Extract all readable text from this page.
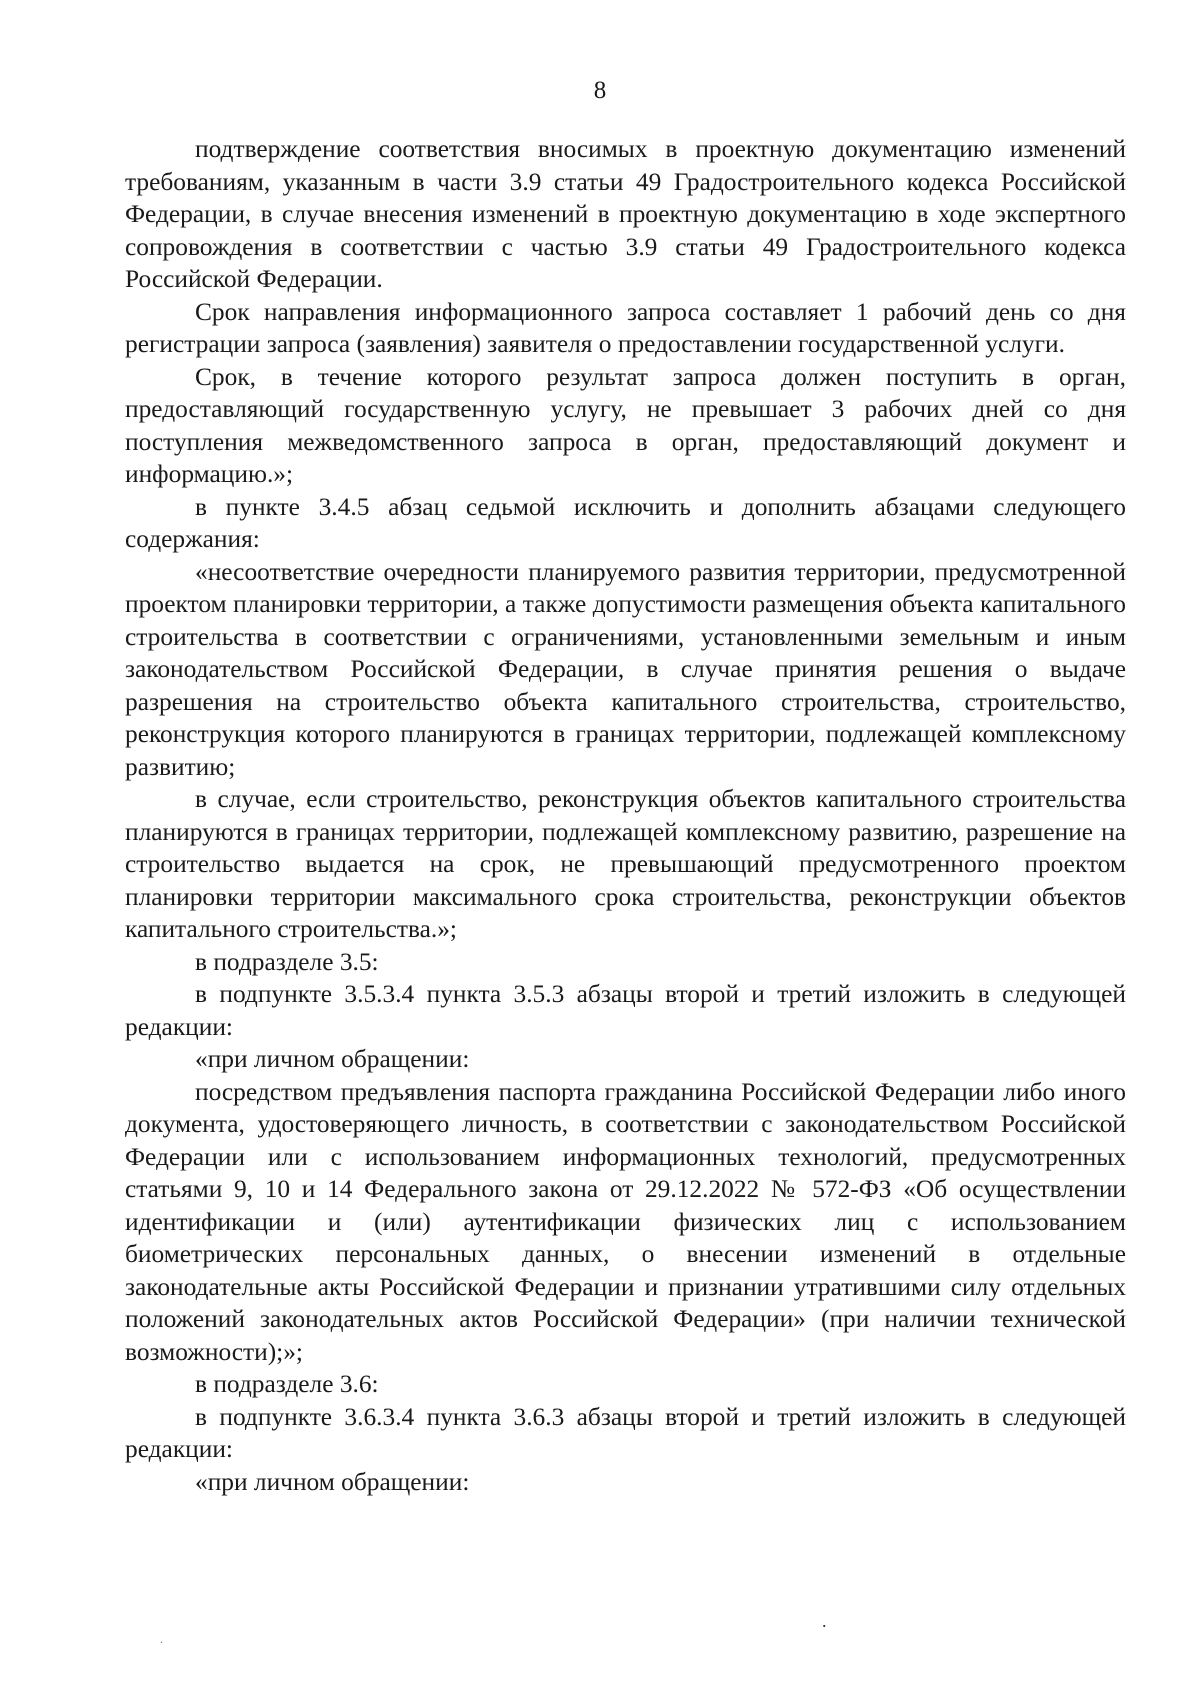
8

подтверждение соответствия вносимых в проектную документацию изменений требованиям, указанным в части 3.9 статьи 49 Градостроительного кодекса Российской Федерации, в случае внесения изменений в проектную документацию в ходе экспертного сопровождения в соответствии с частью 3.9 статьи 49 Градостроительного кодекса Российской Федерации.

Срок направления информационного запроса составляет 1 рабочий день со дня регистрации запроса (заявления) заявителя о предоставлении государственной услуги.

Срок, в течение которого результат запроса должен поступить в орган, предоставляющий государственную услугу, не превышает 3 рабочих дней со дня поступления межведомственного запроса в орган, предоставляющий документ и информацию.»;

в пункте 3.4.5 абзац седьмой исключить и дополнить абзацами следующего содержания:

«несоответствие очередности планируемого развития территории, предусмотренной проектом планировки территории, а также допустимости размещения объекта капитального строительства в соответствии с ограничениями, установленными земельным и иным законодательством Российской Федерации, в случае принятия решения о выдаче разрешения на строительство объекта капитального строительства, строительство, реконструкция которого планируются в границах территории, подлежащей комплексному развитию;

в случае, если строительство, реконструкция объектов капитального строительства планируются в границах территории, подлежащей комплексному развитию, разрешение на строительство выдается на срок, не превышающий предусмотренного проектом планировки территории максимального срока строительства, реконструкции объектов капитального строительства.»;

в подразделе 3.5:

в подпункте 3.5.3.4 пункта 3.5.3 абзацы второй и третий изложить в следующей редакции:

«при личном обращении:

посредством предъявления паспорта гражданина Российской Федерации либо иного документа, удостоверяющего личность, в соответствии с законодательством Российской Федерации или с использованием информационных технологий, предусмотренных статьями 9, 10 и 14 Федерального закона от 29.12.2022 № 572-ФЗ «Об осуществлении идентификации и (или) аутентификации физических лиц с использованием биометрических персональных данных, о внесении изменений в отдельные законодательные акты Российской Федерации и признании утратившими силу отдельных положений законодательных актов Российской Федерации» (при наличии технической возможности);»;

в подразделе 3.6:

в подпункте 3.6.3.4 пункта 3.6.3 абзацы второй и третий изложить в следующей редакции:

«при личном обращении:

.
.
